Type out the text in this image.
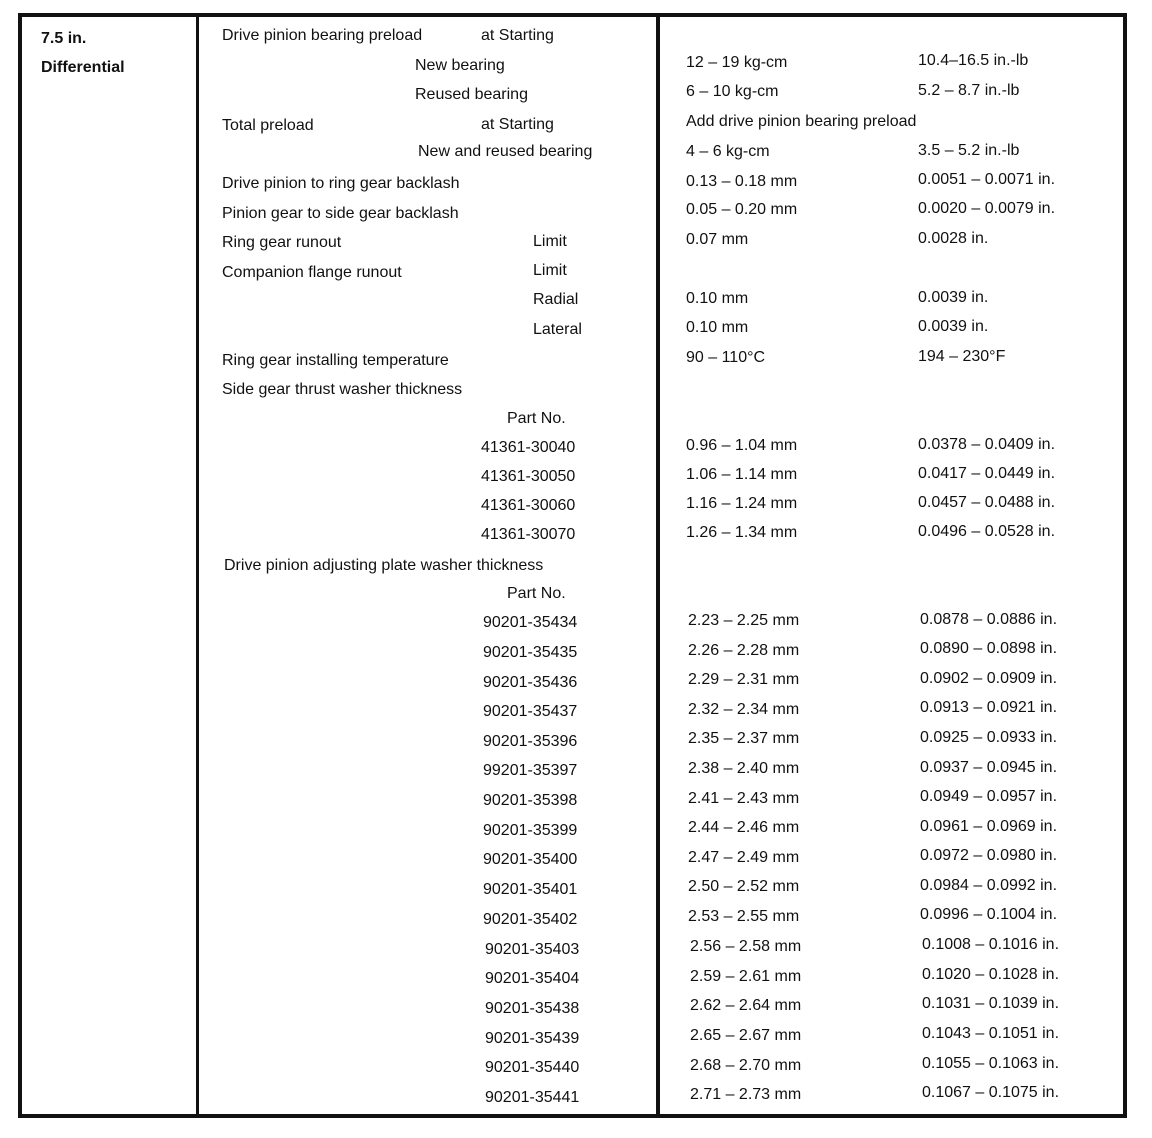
7.5 in.
Differential
Drive pinion bearing preload	at Starting
New bearing	12 – 19 kg-cm	10.4–16.5 in.-lb
Reused bearing	6 – 10 kg-cm	5.2 – 8.7 in.-lb
Total preload	at Starting	Add drive pinion bearing preload
New and reused bearing	4 – 6 kg-cm	3.5 – 5.2 in.-lb
Drive pinion to ring gear backlash	0.13 – 0.18 mm	0.0051 – 0.0071 in.
Pinion gear to side gear backlash	0.05 – 0.20 mm	0.0020 – 0.0079 in.
Ring gear runout	Limit	0.07 mm	0.0028 in.
Companion flange runout	Limit
Radial	0.10 mm	0.0039 in.
Lateral	0.10 mm	0.0039 in.
Ring gear installing temperature	90 – 110°C	194 – 230°F
Side gear thrust washer thickness
Part No.
41361-30040	0.96 – 1.04 mm	0.0378 – 0.0409 in.
41361-30050	1.06 – 1.14 mm	0.0417 – 0.0449 in.
41361-30060	1.16 – 1.24 mm	0.0457 – 0.0488 in.
41361-30070	1.26 – 1.34 mm	0.0496 – 0.0528 in.
Drive pinion adjusting plate washer thickness
Part No.
90201-35434	2.23 – 2.25 mm	0.0878 – 0.0886 in.
90201-35435	2.26 – 2.28 mm	0.0890 – 0.0898 in.
90201-35436	2.29 – 2.31 mm	0.0902 – 0.0909 in.
90201-35437	2.32 – 2.34 mm	0.0913 – 0.0921 in.
90201-35396	2.35 – 2.37 mm	0.0925 – 0.0933 in.
99201-35397	2.38 – 2.40 mm	0.0937 – 0.0945 in.
90201-35398	2.41 – 2.43 mm	0.0949 – 0.0957 in.
90201-35399	2.44 – 2.46 mm	0.0961 – 0.0969 in.
90201-35400	2.47 – 2.49 mm	0.0972 – 0.0980 in.
90201-35401	2.50 – 2.52 mm	0.0984 – 0.0992 in.
90201-35402	2.53 – 2.55 mm	0.0996 – 0.1004 in.
90201-35403	2.56 – 2.58 mm	0.1008 – 0.1016 in.
90201-35404	2.59 – 2.61 mm	0.1020 – 0.1028 in.
90201-35438	2.62 – 2.64 mm	0.1031 – 0.1039 in.
90201-35439	2.65 – 2.67 mm	0.1043 – 0.1051 in.
90201-35440	2.68 – 2.70 mm	0.1055 – 0.1063 in.
90201-35441	2.71 – 2.73 mm	0.1067 – 0.1075 in.
